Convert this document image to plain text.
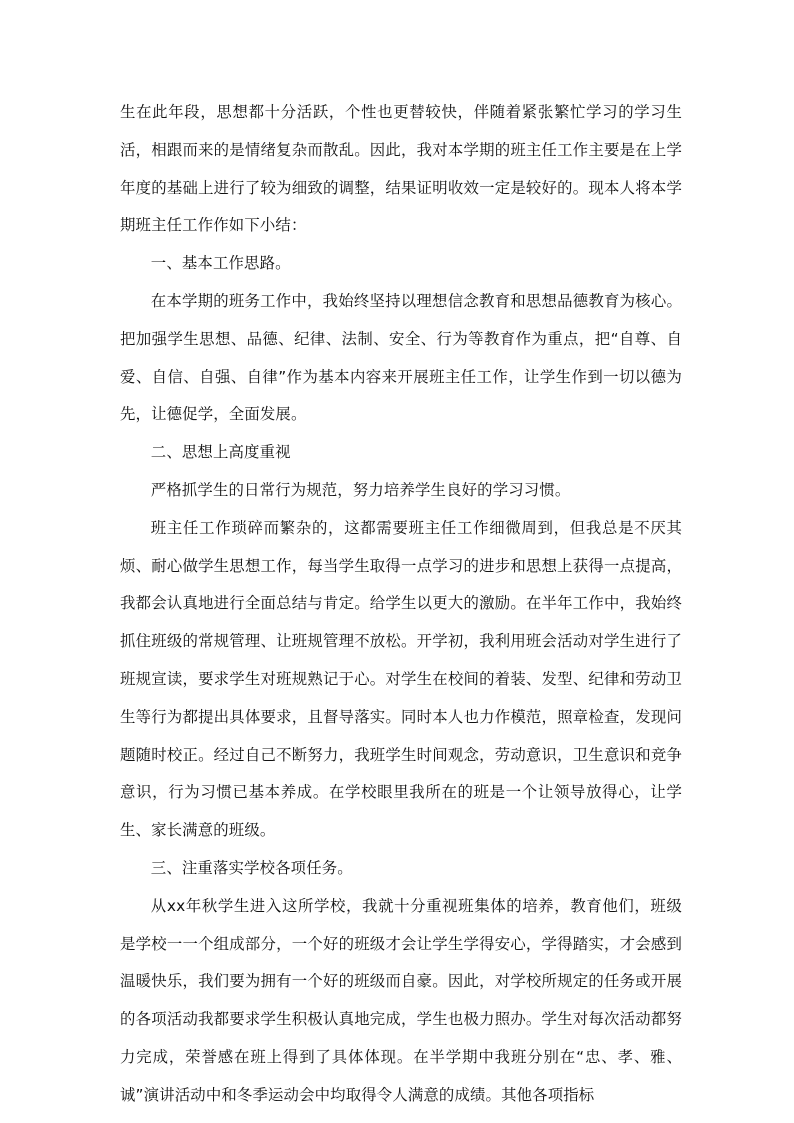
生在此年段，思想都十分活跃，个性也更替较快，伴随着紧张繁忙学习的学习生活，相跟而来的是情绪复杂而散乱。因此，我对本学期的班主任工作主要是在上学年度的基础上进行了较为细致的调整，结果证明收效一定是较好的。现本人将本学期班主任工作作如下小结：

一、基本工作思路。

在本学期的班务工作中，我始终坚持以理想信念教育和思想品德教育为核心。把加强学生思想、品德、纪律、法制、安全、行为等教育作为重点，把“自尊、自爱、自信、自强、自律”作为基本内容来开展班主任工作，让学生作到一切以德为先，让德促学，全面发展。

二、思想上高度重视

严格抓学生的日常行为规范，努力培养学生良好的学习习惯。

班主任工作琐碎而繁杂的，这都需要班主任工作细微周到，但我总是不厌其烦、耐心做学生思想工作，每当学生取得一点学习的进步和思想上获得一点提高，我都会认真地进行全面总结与肯定。给学生以更大的激励。在半年工作中，我始终抓住班级的常规管理、让班规管理不放松。开学初，我利用班会活动对学生进行了班规宣读，要求学生对班规熟记于心。对学生在校间的着装、发型、纪律和劳动卫生等行为都提出具体要求，且督导落实。同时本人也力作模范，照章检查，发现问题随时校正。经过自己不断努力，我班学生时间观念，劳动意识，卫生意识和竞争意识，行为习惯已基本养成。在学校眼里我所在的班是一个让领导放得心，让学生、家长满意的班级。

三、注重落实学校各项任务。

从xx年秋学生进入这所学校，我就十分重视班集体的培养，教育他们，班级是学校一一个组成部分，一个好的班级才会让学生学得安心，学得踏实，才会感到温暖快乐，我们要为拥有一个好的班级而自豪。因此，对学校所规定的任务或开展的各项活动我都要求学生积极认真地完成，学生也极力照办。学生对每次活动都努力完成，荣誉感在班上得到了具体体现。在半学期中我班分别在“忠、孝、雅、诚”演讲活动中和冬季运动会中均取得令人满意的成绩。其他各项指标
